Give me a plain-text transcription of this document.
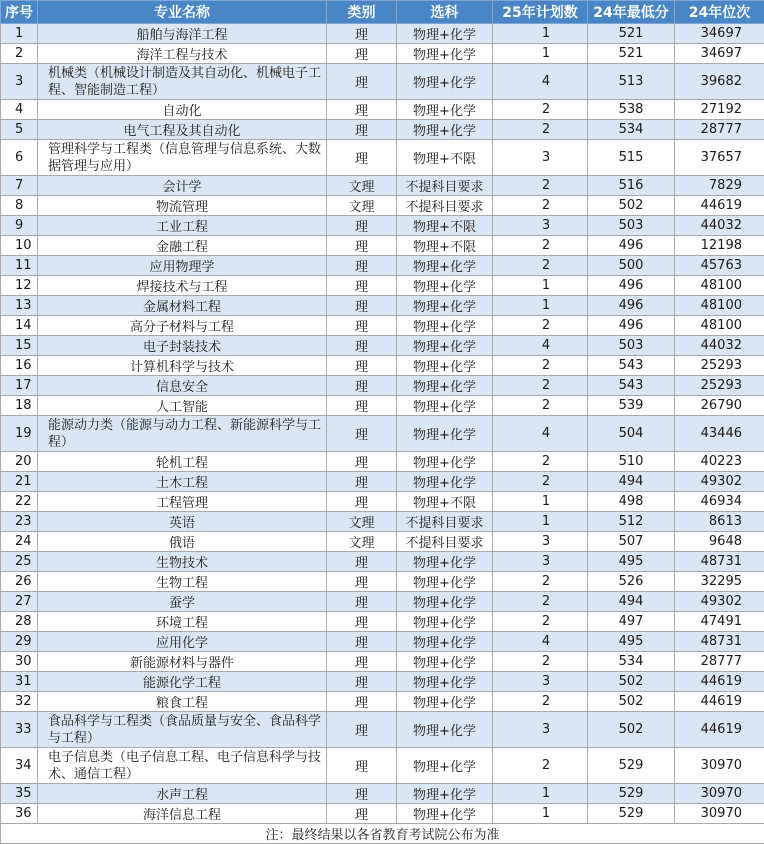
序号	专业名称	类别	选科	25年计划数	24年最低分	24年位次
1	船舶与海洋工程	理	物理+化学	1	521	34697
2	海洋工程与技术	理	物理+化学	1	521	34697
3	机械类（机械设计制造及其自动化、机械电子工程、智能制造工程）	理	物理+化学	4	513	39682
4	自动化	理	物理+化学	2	538	27192
5	电气工程及其自动化	理	物理+化学	2	534	28777
6	管理科学与工程类（信息管理与信息系统、大数据管理与应用）	理	物理+不限	3	515	37657
7	会计学	文理	不提科目要求	2	516	7829
8	物流管理	文理	不提科目要求	2	502	44619
9	工业工程	理	物理+不限	3	503	44032
10	金融工程	理	物理+不限	2	496	12198
11	应用物理学	理	物理+化学	2	500	45763
12	焊接技术与工程	理	物理+化学	1	496	48100
13	金属材料工程	理	物理+化学	1	496	48100
14	高分子材料与工程	理	物理+化学	2	496	48100
15	电子封装技术	理	物理+化学	4	503	44032
16	计算机科学与技术	理	物理+化学	2	543	25293
17	信息安全	理	物理+化学	2	543	25293
18	人工智能	理	物理+化学	2	539	26790
19	能源动力类（能源与动力工程、新能源科学与工程）	理	物理+化学	4	504	43446
20	轮机工程	理	物理+化学	2	510	40223
21	土木工程	理	物理+化学	2	494	49302
22	工程管理	理	物理+不限	1	498	46934
23	英语	文理	不提科目要求	1	512	8613
24	俄语	文理	不提科目要求	3	507	9648
25	生物技术	理	物理+化学	3	495	48731
26	生物工程	理	物理+化学	2	526	32295
27	蚕学	理	物理+化学	2	494	49302
28	环境工程	理	物理+化学	2	497	47491
29	应用化学	理	物理+化学	4	495	48731
30	新能源材料与器件	理	物理+化学	2	534	28777
31	能源化学工程	理	物理+化学	3	502	44619
32	粮食工程	理	物理+化学	2	502	44619
33	食品科学与工程类（食品质量与安全、食品科学与工程）	理	物理+化学	3	502	44619
34	电子信息类（电子信息工程、电子信息科学与技术、通信工程）	理	物理+化学	2	529	30970
35	水声工程	理	物理+化学	1	529	30970
36	海洋信息工程	理	物理+化学	1	529	30970
注：最终结果以各省教育考试院公布为准						
